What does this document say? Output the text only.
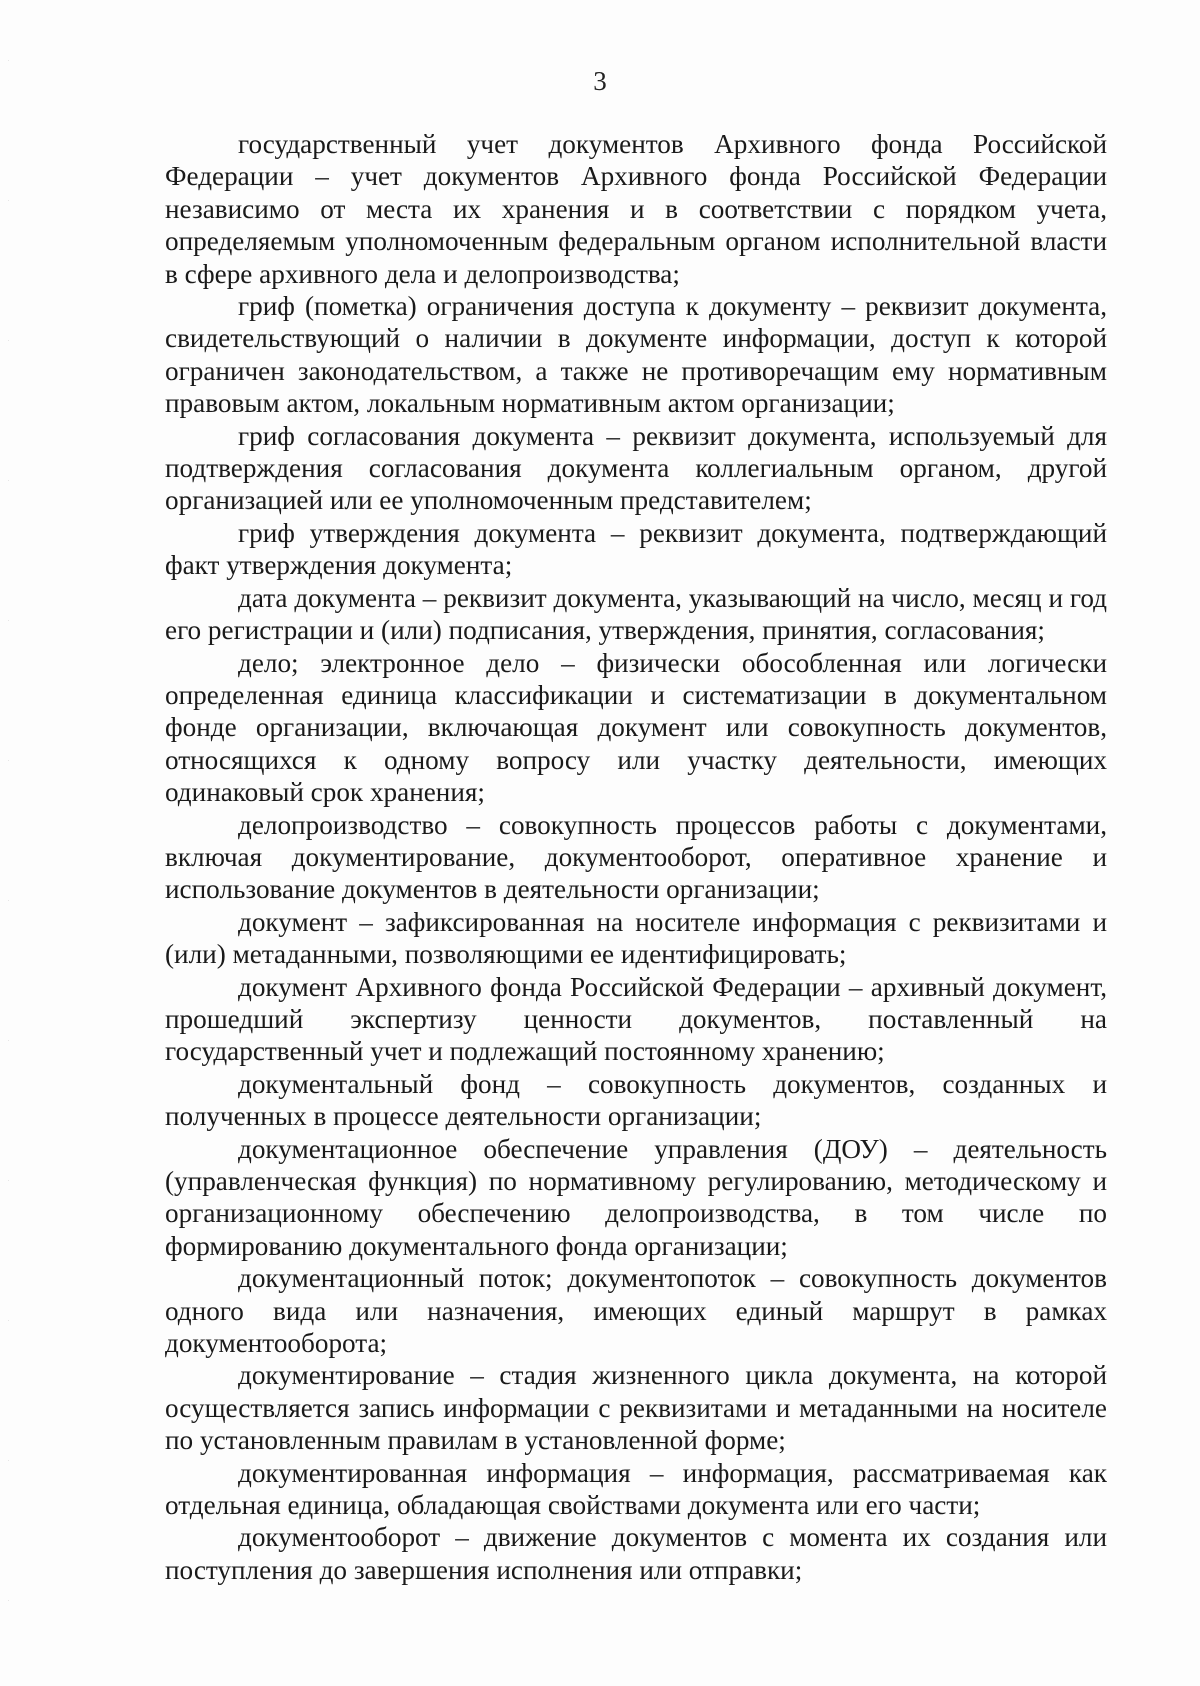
3

государственный учет документов Архивного фонда Российской Федерации – учет документов Архивного фонда Российской Федерации независимо от места их хранения и в соответствии с порядком учета, определяемым уполномоченным федеральным органом исполнительной власти в сфере архивного дела и делопроизводства;

гриф (пометка) ограничения доступа к документу – реквизит документа, свидетельствующий о наличии в документе информации, доступ к которой ограничен законодательством, а также не противоречащим ему нормативным правовым актом, локальным нормативным актом организации;

гриф согласования документа – реквизит документа, используемый для подтверждения согласования документа коллегиальным органом, другой организацией или ее уполномоченным представителем;

гриф утверждения документа – реквизит документа, подтверждающий факт утверждения документа;

дата документа – реквизит документа, указывающий на число, месяц и год его регистрации и (или) подписания, утверждения, принятия, согласования;

дело; электронное дело – физически обособленная или логически определенная единица классификации и систематизации в документальном фонде организации, включающая документ или совокупность документов, относящихся к одному вопросу или участку деятельности, имеющих одинаковый срок хранения;

делопроизводство – совокупность процессов работы с документами, включая документирование, документооборот, оперативное хранение и использование документов в деятельности организации;

документ – зафиксированная на носителе информация с реквизитами и (или) метаданными, позволяющими ее идентифицировать;

документ Архивного фонда Российской Федерации – архивный документ, прошедший экспертизу ценности документов, поставленный на государственный учет и подлежащий постоянному хранению;

документальный фонд – совокупность документов, созданных и полученных в процессе деятельности организации;

документационное обеспечение управления (ДОУ) – деятельность (управленческая функция) по нормативному регулированию, методическому и организационному обеспечению делопроизводства, в том числе по формированию документального фонда организации;

документационный поток; документопоток – совокупность документов одного вида или назначения, имеющих единый маршрут в рамках документооборота;

документирование – стадия жизненного цикла документа, на которой осуществляется запись информации с реквизитами и метаданными на носителе по установленным правилам в установленной форме;

документированная информация – информация, рассматриваемая как отдельная единица, обладающая свойствами документа или его части;

документооборот – движение документов с момента их создания или поступления до завершения исполнения или отправки;
